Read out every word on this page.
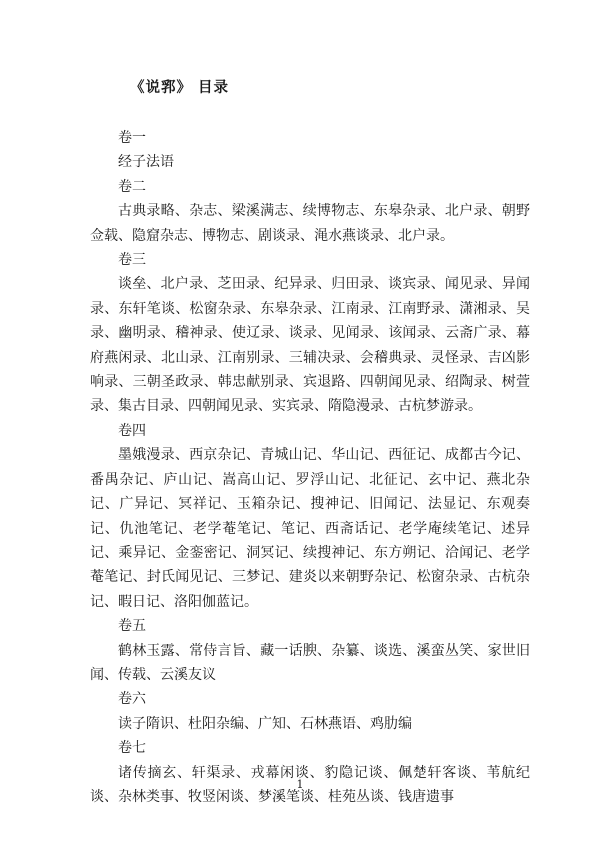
《说郛》 目录

卷一

经子法语

卷二

古典录略、杂志、梁溪满志、续博物志、东皋杂录、北户录、朝野佥载、隐窟杂志、博物志、剧谈录、渑水燕谈录、北户录。

卷三

谈垒、北户录、芝田录、纪异录、归田录、谈宾录、闻见录、异闻录、东轩笔谈、松窗杂录、东皋杂录、江南录、江南野录、潇湘录、吴录、幽明录、稽神录、使辽录、谈录、见闻录、该闻录、云斋广录、幕府燕闲录、北山录、江南别录、三辅决录、会稽典录、灵怪录、吉凶影响录、三朝圣政录、韩忠献别录、宾退路、四朝闻见录、绍陶录、树萱录、集古目录、四朝闻见录、实宾录、隋隐漫录、古杭梦游录。

卷四

墨娥漫录、西京杂记、青城山记、华山记、西征记、成都古今记、番禺杂记、庐山记、嵩高山记、罗浮山记、北征记、玄中记、燕北杂记、广异记、冥祥记、玉箱杂记、搜神记、旧闻记、法显记、东观奏记、仇池笔记、老学菴笔记、笔记、西斋话记、老学庵续笔记、述异记、乘异记、金銮密记、洞冥记、续搜神记、东方朔记、洽闻记、老学菴笔记、封氏闻见记、三梦记、建炎以来朝野杂记、松窗杂录、古杭杂记、暇日记、洛阳伽蓝记。

卷五

鹤林玉露、常侍言旨、藏一话腴、杂纂、谈选、溪蛮丛笑、家世旧闻、传载、云溪友议

卷六

读子隋识、杜阳杂编、广知、石林燕语、鸡肋编

卷七

诸传摘玄、轩渠录、戎幕闲谈、豹隐记谈、佩楚轩客谈、苇航纪谈、杂林类事、牧竖闲谈、梦溪笔谈、桂苑丛谈、钱唐遗事

1
